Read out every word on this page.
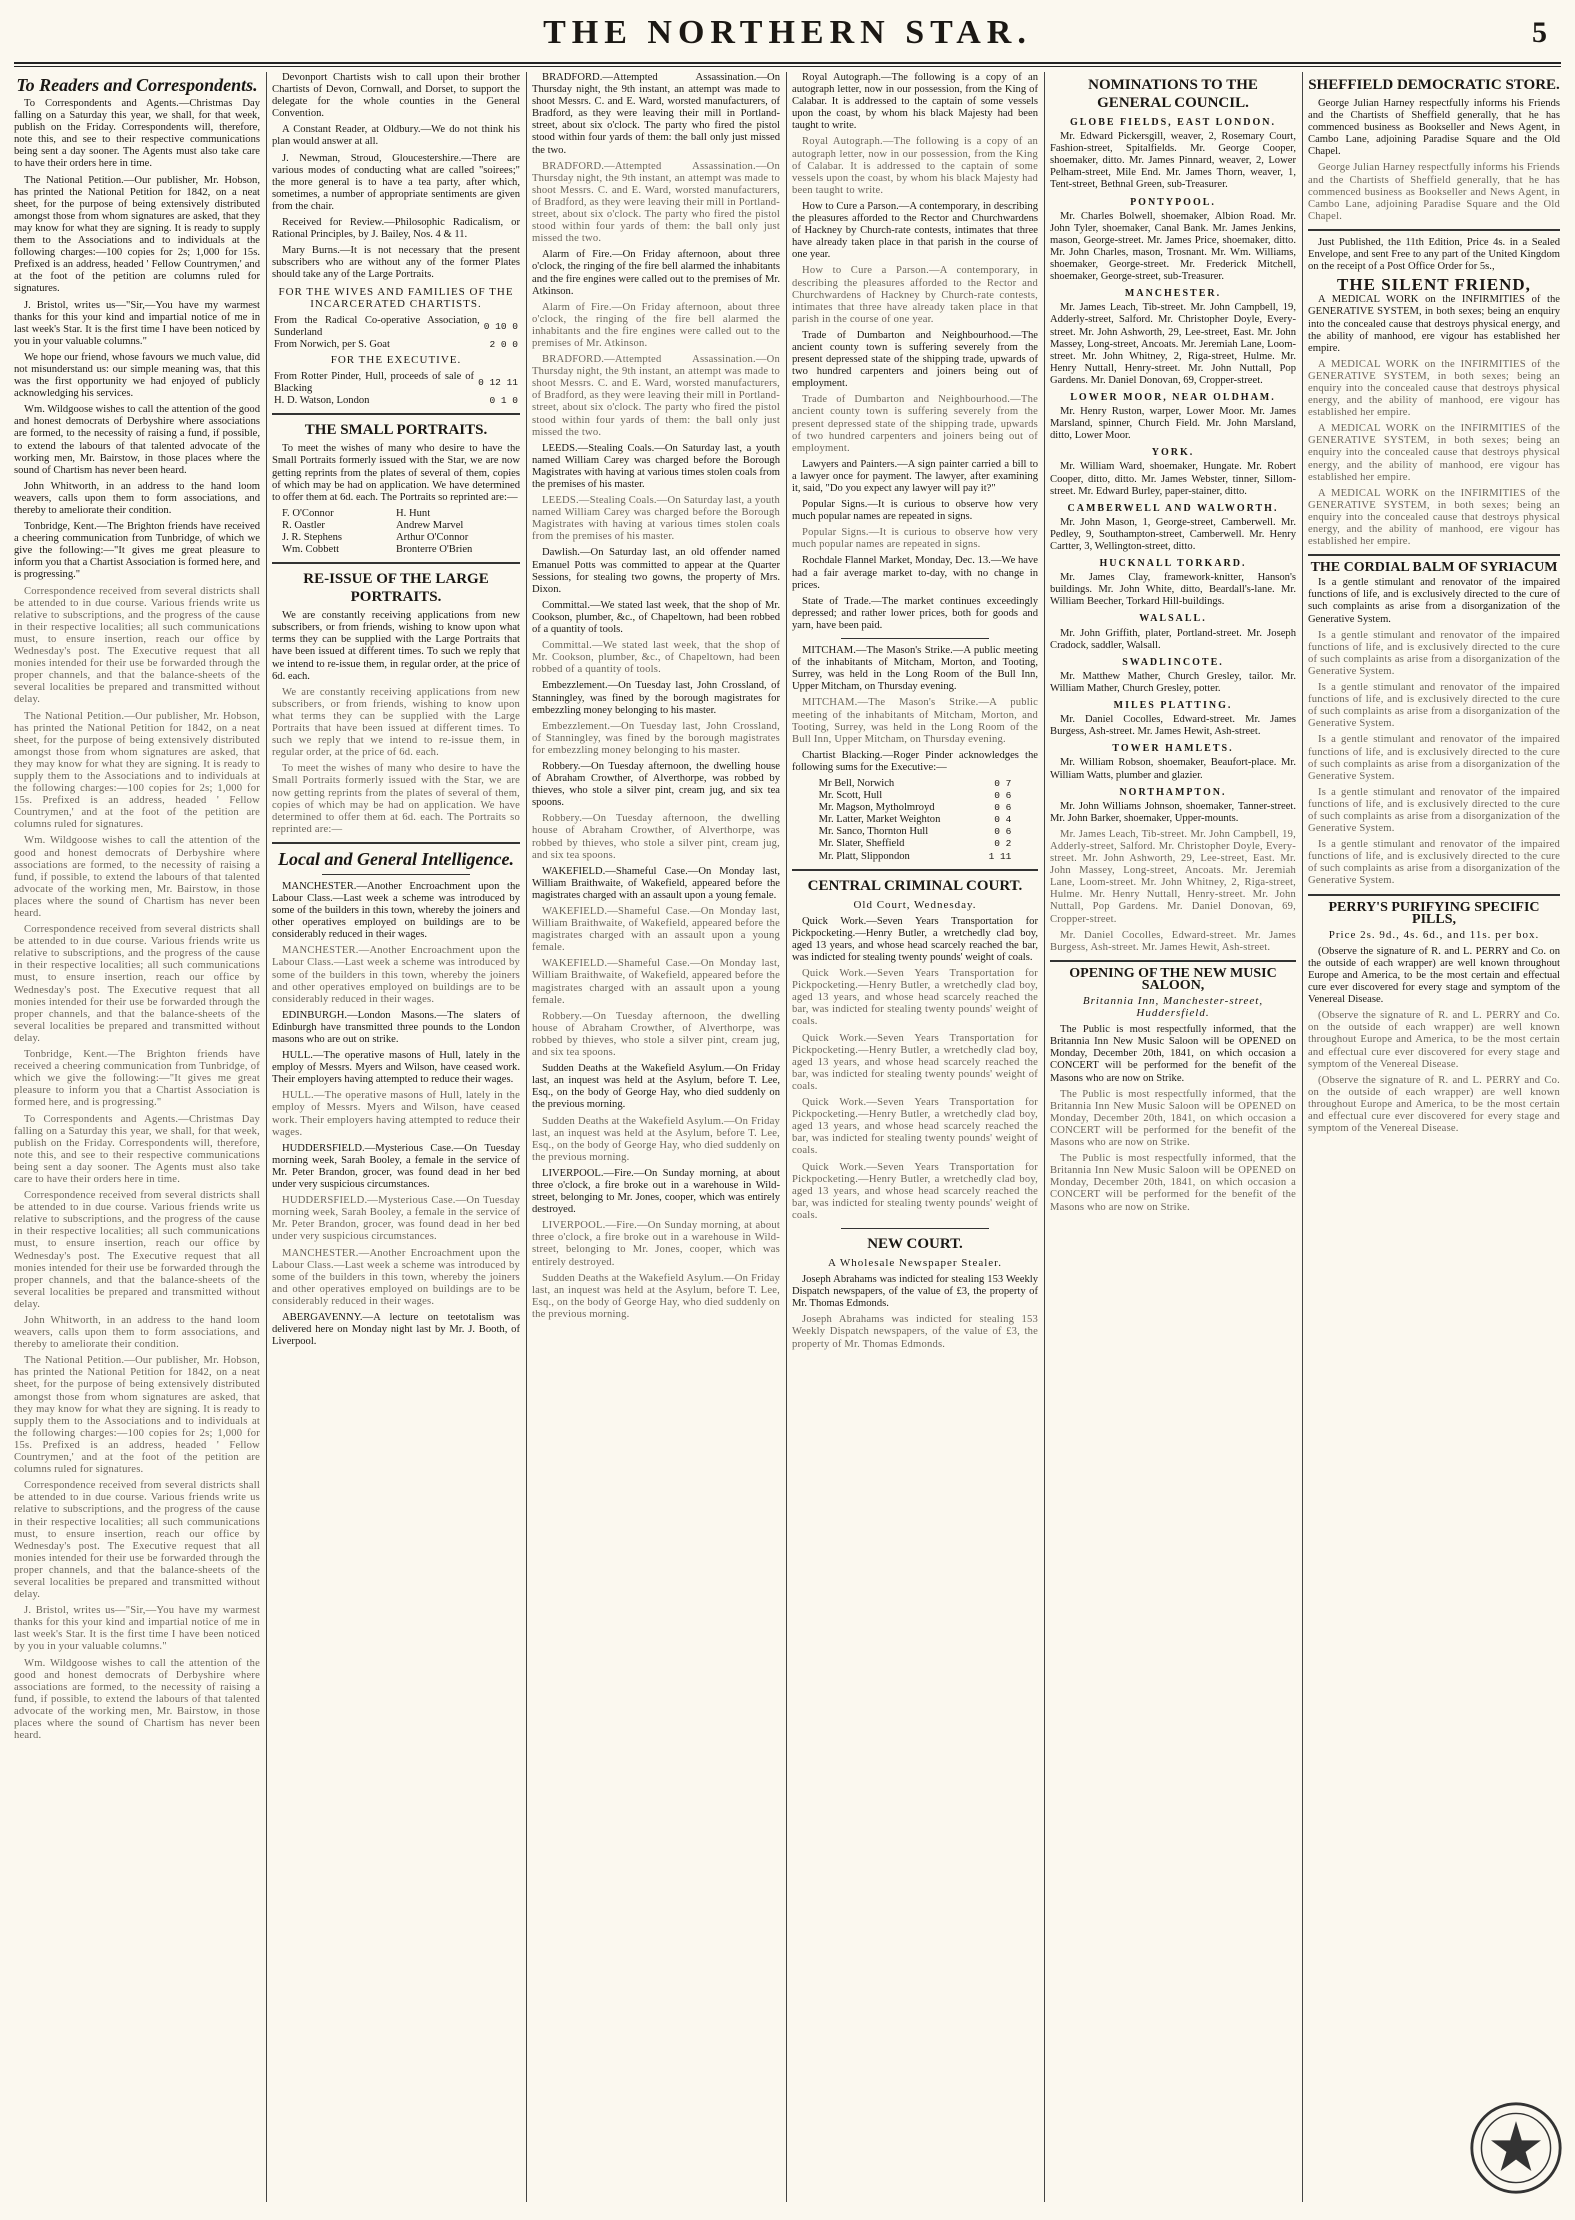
THE NORTHERN STAR.	5
To Readers and Correspondents.

To Correspondents and Agents.—Christmas Day falling on a Saturday this year, we shall, for that week, publish on the Friday. Correspondents will, therefore, note this, and see to their respective communications being sent a day sooner. The Agents must also take care to have their orders here in time.

The National Petition.—Our publisher, Mr. Hobson, has printed the National Petition for 1842, on a neat sheet, for the purpose of being extensively distributed amongst those from whom signatures are asked, that they may know for what they are signing. It is ready to supply them to the Associations and to individuals at the following charges:—100 copies for 2s; 1,000 for 15s. Prefixed is an address, headed ' Fellow Countrymen,' and at the foot of the petition are columns ruled for signatures.

J. Bristol, writes us—"Sir,—You have my warmest thanks for this your kind and impartial notice of me in last week's Star. It is the first time I have been noticed by you in your valuable columns."

We hope our friend, whose favours we much value, did not misunderstand us: our simple meaning was, that this was the first opportunity we had enjoyed of publicly acknowledging his services.

Wm. Wildgoose wishes to call the attention of the good and honest democrats of Derbyshire where associations are formed, to the necessity of raising a fund, if possible, to extend the labours of that talented advocate of the working men, Mr. Bairstow, in those places where the sound of Chartism has never been heard.

John Whitworth, in an address to the hand loom weavers, calls upon them to form associations, and thereby to ameliorate their condition.

Tonbridge, Kent.—The Brighton friends have received a cheering communication from Tunbridge, of which we give the following:—"It gives me great pleasure to inform you that a Chartist Association is formed here, and is progressing."

Correspondence received from several districts shall be attended to in due course. Various friends write us relative to subscriptions, and the progress of the cause in their respective localities; all such communications must, to ensure insertion, reach our office by Wednesday's post. The Executive request that all monies intended for their use be forwarded through the proper channels, and that the balance-sheets of the several localities be prepared and transmitted without delay.

The National Petition.—Our publisher, Mr. Hobson, has printed the National Petition for 1842, on a neat sheet, for the purpose of being extensively distributed amongst those from whom signatures are asked, that they may know for what they are signing. It is ready to supply them to the Associations and to individuals at the following charges:—100 copies for 2s; 1,000 for 15s. Prefixed is an address, headed ' Fellow Countrymen,' and at the foot of the petition are columns ruled for signatures.

Wm. Wildgoose wishes to call the attention of the good and honest democrats of Derbyshire where associations are formed, to the necessity of raising a fund, if possible, to extend the labours of that talented advocate of the working men, Mr. Bairstow, in those places where the sound of Chartism has never been heard.

Correspondence received from several districts shall be attended to in due course. Various friends write us relative to subscriptions, and the progress of the cause in their respective localities; all such communications must, to ensure insertion, reach our office by Wednesday's post. The Executive request that all monies intended for their use be forwarded through the proper channels, and that the balance-sheets of the several localities be prepared and transmitted without delay.

Tonbridge, Kent.—The Brighton friends have received a cheering communication from Tunbridge, of which we give the following:—"It gives me great pleasure to inform you that a Chartist Association is formed here, and is progressing."

To Correspondents and Agents.—Christmas Day falling on a Saturday this year, we shall, for that week, publish on the Friday. Correspondents will, therefore, note this, and see to their respective communications being sent a day sooner. The Agents must also take care to have their orders here in time.

Correspondence received from several districts shall be attended to in due course. Various friends write us relative to subscriptions, and the progress of the cause in their respective localities; all such communications must, to ensure insertion, reach our office by Wednesday's post. The Executive request that all monies intended for their use be forwarded through the proper channels, and that the balance-sheets of the several localities be prepared and transmitted without delay.

John Whitworth, in an address to the hand loom weavers, calls upon them to form associations, and thereby to ameliorate their condition.

The National Petition.—Our publisher, Mr. Hobson, has printed the National Petition for 1842, on a neat sheet, for the purpose of being extensively distributed amongst those from whom signatures are asked, that they may know for what they are signing. It is ready to supply them to the Associations and to individuals at the following charges:—100 copies for 2s; 1,000 for 15s. Prefixed is an address, headed ' Fellow Countrymen,' and at the foot of the petition are columns ruled for signatures.

Correspondence received from several districts shall be attended to in due course. Various friends write us relative to subscriptions, and the progress of the cause in their respective localities; all such communications must, to ensure insertion, reach our office by Wednesday's post. The Executive request that all monies intended for their use be forwarded through the proper channels, and that the balance-sheets of the several localities be prepared and transmitted without delay.

J. Bristol, writes us—"Sir,—You have my warmest thanks for this your kind and impartial notice of me in last week's Star. It is the first time I have been noticed by you in your valuable columns."

Wm. Wildgoose wishes to call the attention of the good and honest democrats of Derbyshire where associations are formed, to the necessity of raising a fund, if possible, to extend the labours of that talented advocate of the working men, Mr. Bairstow, in those places where the sound of Chartism has never been heard.

Devonport Chartists wish to call upon their brother Chartists of Devon, Cornwall, and Dorset, to support the delegate for the whole counties in the General Convention.

A Constant Reader, at Oldbury.—We do not think his plan would answer at all.

J. Newman, Stroud, Gloucestershire.—There are various modes of conducting what are called "soirees;" the more general is to have a tea party, after which, sometimes, a number of appropriate sentiments are given from the chair.

Received for Review.—Philosophic Radicalism, or Rational Principles, by J. Bailey, Nos. 4 & 11.

Mary Burns.—It is not necessary that the present subscribers who are without any of the former Plates should take any of the Large Portraits.

FOR THE WIVES AND FAMILIES OF THE INCARCERATED CHARTISTS.
From the Radical Co-operative Association, Sunderland	0 10 0
From Norwich, per S. Goat	2 0 0
FOR THE EXECUTIVE.
From Rotter Pinder, Hull, proceeds of sale of Blacking	0 12 11
H. D. Watson, London	0 1 0
THE SMALL PORTRAITS.

To meet the wishes of many who desire to have the Small Portraits formerly issued with the Star, we are now getting reprints from the plates of several of them, copies of which may be had on application. We have determined to offer them at 6d. each. The Portraits so reprinted are:—

F. O'Connor	H. Hunt
R. Oastler	Andrew Marvel
J. R. Stephens	Arthur O'Connor
Wm. Cobbett	Bronterre O'Brien
RE-ISSUE OF THE LARGE PORTRAITS.

We are constantly receiving applications from new subscribers, or from friends, wishing to know upon what terms they can be supplied with the Large Portraits that have been issued at different times. To such we reply that we intend to re-issue them, in regular order, at the price of 6d. each.

We are constantly receiving applications from new subscribers, or from friends, wishing to know upon what terms they can be supplied with the Large Portraits that have been issued at different times. To such we reply that we intend to re-issue them, in regular order, at the price of 6d. each.

To meet the wishes of many who desire to have the Small Portraits formerly issued with the Star, we are now getting reprints from the plates of several of them, copies of which may be had on application. We have determined to offer them at 6d. each. The Portraits so reprinted are:—

Local and General Intelligence.

MANCHESTER.—Another Encroachment upon the Labour Class.—Last week a scheme was introduced by some of the builders in this town, whereby the joiners and other operatives employed on buildings are to be considerably reduced in their wages.

MANCHESTER.—Another Encroachment upon the Labour Class.—Last week a scheme was introduced by some of the builders in this town, whereby the joiners and other operatives employed on buildings are to be considerably reduced in their wages.

EDINBURGH.—London Masons.—The slaters of Edinburgh have transmitted three pounds to the London masons who are out on strike.

HULL.—The operative masons of Hull, lately in the employ of Messrs. Myers and Wilson, have ceased work. Their employers having attempted to reduce their wages.

HULL.—The operative masons of Hull, lately in the employ of Messrs. Myers and Wilson, have ceased work. Their employers having attempted to reduce their wages.

HUDDERSFIELD.—Mysterious Case.—On Tuesday morning week, Sarah Booley, a female in the service of Mr. Peter Brandon, grocer, was found dead in her bed under very suspicious circumstances.

HUDDERSFIELD.—Mysterious Case.—On Tuesday morning week, Sarah Booley, a female in the service of Mr. Peter Brandon, grocer, was found dead in her bed under very suspicious circumstances.

MANCHESTER.—Another Encroachment upon the Labour Class.—Last week a scheme was introduced by some of the builders in this town, whereby the joiners and other operatives employed on buildings are to be considerably reduced in their wages.

ABERGAVENNY.—A lecture on teetotalism was delivered here on Monday night last by Mr. J. Booth, of Liverpool.

BRADFORD.—Attempted Assassination.—On Thursday night, the 9th instant, an attempt was made to shoot Messrs. C. and E. Ward, worsted manufacturers, of Bradford, as they were leaving their mill in Portland-street, about six o'clock. The party who fired the pistol stood within four yards of them: the ball only just missed the two.

BRADFORD.—Attempted Assassination.—On Thursday night, the 9th instant, an attempt was made to shoot Messrs. C. and E. Ward, worsted manufacturers, of Bradford, as they were leaving their mill in Portland-street, about six o'clock. The party who fired the pistol stood within four yards of them: the ball only just missed the two.

Alarm of Fire.—On Friday afternoon, about three o'clock, the ringing of the fire bell alarmed the inhabitants and the fire engines were called out to the premises of Mr. Atkinson.

Alarm of Fire.—On Friday afternoon, about three o'clock, the ringing of the fire bell alarmed the inhabitants and the fire engines were called out to the premises of Mr. Atkinson.

BRADFORD.—Attempted Assassination.—On Thursday night, the 9th instant, an attempt was made to shoot Messrs. C. and E. Ward, worsted manufacturers, of Bradford, as they were leaving their mill in Portland-street, about six o'clock. The party who fired the pistol stood within four yards of them: the ball only just missed the two.

LEEDS.—Stealing Coals.—On Saturday last, a youth named William Carey was charged before the Borough Magistrates with having at various times stolen coals from the premises of his master.

LEEDS.—Stealing Coals.—On Saturday last, a youth named William Carey was charged before the Borough Magistrates with having at various times stolen coals from the premises of his master.

Dawlish.—On Saturday last, an old offender named Emanuel Potts was committed to appear at the Quarter Sessions, for stealing two gowns, the property of Mrs. Dixon.

Committal.—We stated last week, that the shop of Mr. Cookson, plumber, &c., of Chapeltown, had been robbed of a quantity of tools.

Committal.—We stated last week, that the shop of Mr. Cookson, plumber, &c., of Chapeltown, had been robbed of a quantity of tools.

Embezzlement.—On Tuesday last, John Crossland, of Stanningley, was fined by the borough magistrates for embezzling money belonging to his master.

Embezzlement.—On Tuesday last, John Crossland, of Stanningley, was fined by the borough magistrates for embezzling money belonging to his master.

Robbery.—On Tuesday afternoon, the dwelling house of Abraham Crowther, of Alverthorpe, was robbed by thieves, who stole a silver pint, cream jug, and six tea spoons.

Robbery.—On Tuesday afternoon, the dwelling house of Abraham Crowther, of Alverthorpe, was robbed by thieves, who stole a silver pint, cream jug, and six tea spoons.

WAKEFIELD.—Shameful Case.—On Monday last, William Braithwaite, of Wakefield, appeared before the magistrates charged with an assault upon a young female.

WAKEFIELD.—Shameful Case.—On Monday last, William Braithwaite, of Wakefield, appeared before the magistrates charged with an assault upon a young female.

WAKEFIELD.—Shameful Case.—On Monday last, William Braithwaite, of Wakefield, appeared before the magistrates charged with an assault upon a young female.

Robbery.—On Tuesday afternoon, the dwelling house of Abraham Crowther, of Alverthorpe, was robbed by thieves, who stole a silver pint, cream jug, and six tea spoons.

Sudden Deaths at the Wakefield Asylum.—On Friday last, an inquest was held at the Asylum, before T. Lee, Esq., on the body of George Hay, who died suddenly on the previous morning.

Sudden Deaths at the Wakefield Asylum.—On Friday last, an inquest was held at the Asylum, before T. Lee, Esq., on the body of George Hay, who died suddenly on the previous morning.

LIVERPOOL.—Fire.—On Sunday morning, at about three o'clock, a fire broke out in a warehouse in Wild-street, belonging to Mr. Jones, cooper, which was entirely destroyed.

LIVERPOOL.—Fire.—On Sunday morning, at about three o'clock, a fire broke out in a warehouse in Wild-street, belonging to Mr. Jones, cooper, which was entirely destroyed.

Sudden Deaths at the Wakefield Asylum.—On Friday last, an inquest was held at the Asylum, before T. Lee, Esq., on the body of George Hay, who died suddenly on the previous morning.

Royal Autograph.—The following is a copy of an autograph letter, now in our possession, from the King of Calabar. It is addressed to the captain of some vessels upon the coast, by whom his black Majesty had been taught to write.

Royal Autograph.—The following is a copy of an autograph letter, now in our possession, from the King of Calabar. It is addressed to the captain of some vessels upon the coast, by whom his black Majesty had been taught to write.

How to Cure a Parson.—A contemporary, in describing the pleasures afforded to the Rector and Churchwardens of Hackney by Church-rate contests, intimates that three have already taken place in that parish in the course of one year.

How to Cure a Parson.—A contemporary, in describing the pleasures afforded to the Rector and Churchwardens of Hackney by Church-rate contests, intimates that three have already taken place in that parish in the course of one year.

Trade of Dumbarton and Neighbourhood.—The ancient county town is suffering severely from the present depressed state of the shipping trade, upwards of two hundred carpenters and joiners being out of employment.

Trade of Dumbarton and Neighbourhood.—The ancient county town is suffering severely from the present depressed state of the shipping trade, upwards of two hundred carpenters and joiners being out of employment.

Lawyers and Painters.—A sign painter carried a bill to a lawyer once for payment. The lawyer, after examining it, said, "Do you expect any lawyer will pay it?"

Popular Signs.—It is curious to observe how very much popular names are repeated in signs.

Popular Signs.—It is curious to observe how very much popular names are repeated in signs.

Rochdale Flannel Market, Monday, Dec. 13.—We have had a fair average market to-day, with no change in prices.

State of Trade.—The market continues exceedingly depressed; and rather lower prices, both for goods and yarn, have been paid.

MITCHAM.—The Mason's Strike.—A public meeting of the inhabitants of Mitcham, Morton, and Tooting, Surrey, was held in the Long Room of the Bull Inn, Upper Mitcham, on Thursday evening.

MITCHAM.—The Mason's Strike.—A public meeting of the inhabitants of Mitcham, Morton, and Tooting, Surrey, was held in the Long Room of the Bull Inn, Upper Mitcham, on Thursday evening.

Chartist Blacking.—Roger Pinder acknowledges the following sums for the Executive:—

Mr Bell, Norwich	0 7
Mr. Scott, Hull	0 6
Mr. Magson, Mytholmroyd	0 6
Mr. Latter, Market Weighton	0 4
Mr. Sanco, Thornton Hull	0 6
Mr. Slater, Sheffield	0 2
Mr. Platt, Slippondon	1 11
CENTRAL CRIMINAL COURT.
Old Court, Wednesday.

Quick Work.—Seven Years Transportation for Pickpocketing.—Henry Butler, a wretchedly clad boy, aged 13 years, and whose head scarcely reached the bar, was indicted for stealing twenty pounds' weight of coals.

Quick Work.—Seven Years Transportation for Pickpocketing.—Henry Butler, a wretchedly clad boy, aged 13 years, and whose head scarcely reached the bar, was indicted for stealing twenty pounds' weight of coals.

Quick Work.—Seven Years Transportation for Pickpocketing.—Henry Butler, a wretchedly clad boy, aged 13 years, and whose head scarcely reached the bar, was indicted for stealing twenty pounds' weight of coals.

Quick Work.—Seven Years Transportation for Pickpocketing.—Henry Butler, a wretchedly clad boy, aged 13 years, and whose head scarcely reached the bar, was indicted for stealing twenty pounds' weight of coals.

Quick Work.—Seven Years Transportation for Pickpocketing.—Henry Butler, a wretchedly clad boy, aged 13 years, and whose head scarcely reached the bar, was indicted for stealing twenty pounds' weight of coals.

NEW COURT.
A Wholesale Newspaper Stealer.

Joseph Abrahams was indicted for stealing 153 Weekly Dispatch newspapers, of the value of £3, the property of Mr. Thomas Edmonds.

Joseph Abrahams was indicted for stealing 153 Weekly Dispatch newspapers, of the value of £3, the property of Mr. Thomas Edmonds.

NOMINATIONS TO THE GENERAL COUNCIL.
GLOBE FIELDS, EAST LONDON.

Mr. Edward Pickersgill, weaver, 2, Rosemary Court, Fashion-street, Spitalfields. Mr. George Cooper, shoemaker, ditto. Mr. James Pinnard, weaver, 2, Lower Pelham-street, Mile End. Mr. James Thorn, weaver, 1, Tent-street, Bethnal Green, sub-Treasurer.

PONTYPOOL.

Mr. Charles Bolwell, shoemaker, Albion Road. Mr. John Tyler, shoemaker, Canal Bank. Mr. James Jenkins, mason, George-street. Mr. James Price, shoemaker, ditto. Mr. John Charles, mason, Trosnant. Mr. Wm. Williams, shoemaker, George-street. Mr. Frederick Mitchell, shoemaker, George-street, sub-Treasurer.

MANCHESTER.

Mr. James Leach, Tib-street. Mr. John Campbell, 19, Adderly-street, Salford. Mr. Christopher Doyle, Every-street. Mr. John Ashworth, 29, Lee-street, East. Mr. John Massey, Long-street, Ancoats. Mr. Jeremiah Lane, Loom-street. Mr. John Whitney, 2, Riga-street, Hulme. Mr. Henry Nuttall, Henry-street. Mr. John Nuttall, Pop Gardens. Mr. Daniel Donovan, 69, Cropper-street.

LOWER MOOR, NEAR OLDHAM.

Mr. Henry Ruston, warper, Lower Moor. Mr. James Marsland, spinner, Church Field. Mr. John Marsland, ditto, Lower Moor.

YORK.

Mr. William Ward, shoemaker, Hungate. Mr. Robert Cooper, ditto, ditto. Mr. James Webster, tinner, Sillom-street. Mr. Edward Burley, paper-stainer, ditto.

CAMBERWELL AND WALWORTH.

Mr. John Mason, 1, George-street, Camberwell. Mr. Pedley, 9, Southampton-street, Camberwell. Mr. Henry Cartter, 3, Wellington-street, ditto.

HUCKNALL TORKARD.

Mr. James Clay, framework-knitter, Hanson's buildings. Mr. John White, ditto, Beardall's-lane. Mr. William Beecher, Torkard Hill-buildings.

WALSALL.

Mr. John Griffith, plater, Portland-street. Mr. Joseph Cradock, saddler, Walsall.

SWADLINCOTE.

Mr. Matthew Mather, Church Gresley, tailor. Mr. William Mather, Church Gresley, potter.

MILES PLATTING.

Mr. Daniel Cocolles, Edward-street. Mr. James Burgess, Ash-street. Mr. James Hewit, Ash-street.

TOWER HAMLETS.

Mr. William Robson, shoemaker, Beaufort-place. Mr. William Watts, plumber and glazier.

NORTHAMPTON.

Mr. John Williams Johnson, shoemaker, Tanner-street. Mr. John Barker, shoemaker, Upper-mounts.

Mr. James Leach, Tib-street. Mr. John Campbell, 19, Adderly-street, Salford. Mr. Christopher Doyle, Every-street. Mr. John Ashworth, 29, Lee-street, East. Mr. John Massey, Long-street, Ancoats. Mr. Jeremiah Lane, Loom-street. Mr. John Whitney, 2, Riga-street, Hulme. Mr. Henry Nuttall, Henry-street. Mr. John Nuttall, Pop Gardens. Mr. Daniel Donovan, 69, Cropper-street.

Mr. Daniel Cocolles, Edward-street. Mr. James Burgess, Ash-street. Mr. James Hewit, Ash-street.

OPENING OF THE NEW MUSIC SALOON,
Britannia Inn, Manchester-street, Huddersfield.

The Public is most respectfully informed, that the Britannia Inn New Music Saloon will be OPENED on Monday, December 20th, 1841, on which occasion a CONCERT will be performed for the benefit of the Masons who are now on Strike.

The Public is most respectfully informed, that the Britannia Inn New Music Saloon will be OPENED on Monday, December 20th, 1841, on which occasion a CONCERT will be performed for the benefit of the Masons who are now on Strike.

The Public is most respectfully informed, that the Britannia Inn New Music Saloon will be OPENED on Monday, December 20th, 1841, on which occasion a CONCERT will be performed for the benefit of the Masons who are now on Strike.

SHEFFIELD DEMOCRATIC STORE.

George Julian Harney respectfully informs his Friends and the Chartists of Sheffield generally, that he has commenced business as Bookseller and News Agent, in Cambo Lane, adjoining Paradise Square and the Old Chapel.

George Julian Harney respectfully informs his Friends and the Chartists of Sheffield generally, that he has commenced business as Bookseller and News Agent, in Cambo Lane, adjoining Paradise Square and the Old Chapel.

Just Published, the 11th Edition, Price 4s. in a Sealed Envelope, and sent Free to any part of the United Kingdom on the receipt of a Post Office Order for 5s.,

THE SILENT FRIEND,

A MEDICAL WORK on the INFIRMITIES of the GENERATIVE SYSTEM, in both sexes; being an enquiry into the concealed cause that destroys physical energy, and the ability of manhood, ere vigour has established her empire.

A MEDICAL WORK on the INFIRMITIES of the GENERATIVE SYSTEM, in both sexes; being an enquiry into the concealed cause that destroys physical energy, and the ability of manhood, ere vigour has established her empire.

A MEDICAL WORK on the INFIRMITIES of the GENERATIVE SYSTEM, in both sexes; being an enquiry into the concealed cause that destroys physical energy, and the ability of manhood, ere vigour has established her empire.

A MEDICAL WORK on the INFIRMITIES of the GENERATIVE SYSTEM, in both sexes; being an enquiry into the concealed cause that destroys physical energy, and the ability of manhood, ere vigour has established her empire.

THE CORDIAL BALM OF SYRIACUM

Is a gentle stimulant and renovator of the impaired functions of life, and is exclusively directed to the cure of such complaints as arise from a disorganization of the Generative System.

Is a gentle stimulant and renovator of the impaired functions of life, and is exclusively directed to the cure of such complaints as arise from a disorganization of the Generative System.

Is a gentle stimulant and renovator of the impaired functions of life, and is exclusively directed to the cure of such complaints as arise from a disorganization of the Generative System.

Is a gentle stimulant and renovator of the impaired functions of life, and is exclusively directed to the cure of such complaints as arise from a disorganization of the Generative System.

Is a gentle stimulant and renovator of the impaired functions of life, and is exclusively directed to the cure of such complaints as arise from a disorganization of the Generative System.

Is a gentle stimulant and renovator of the impaired functions of life, and is exclusively directed to the cure of such complaints as arise from a disorganization of the Generative System.

PERRY'S PURIFYING SPECIFIC PILLS,
Price 2s. 9d., 4s. 6d., and 11s. per box.

(Observe the signature of R. and L. PERRY and Co. on the outside of each wrapper) are well known throughout Europe and America, to be the most certain and effectual cure ever discovered for every stage and symptom of the Venereal Disease.

(Observe the signature of R. and L. PERRY and Co. on the outside of each wrapper) are well known throughout Europe and America, to be the most certain and effectual cure ever discovered for every stage and symptom of the Venereal Disease.

(Observe the signature of R. and L. PERRY and Co. on the outside of each wrapper) are well known throughout Europe and America, to be the most certain and effectual cure ever discovered for every stage and symptom of the Venereal Disease.
